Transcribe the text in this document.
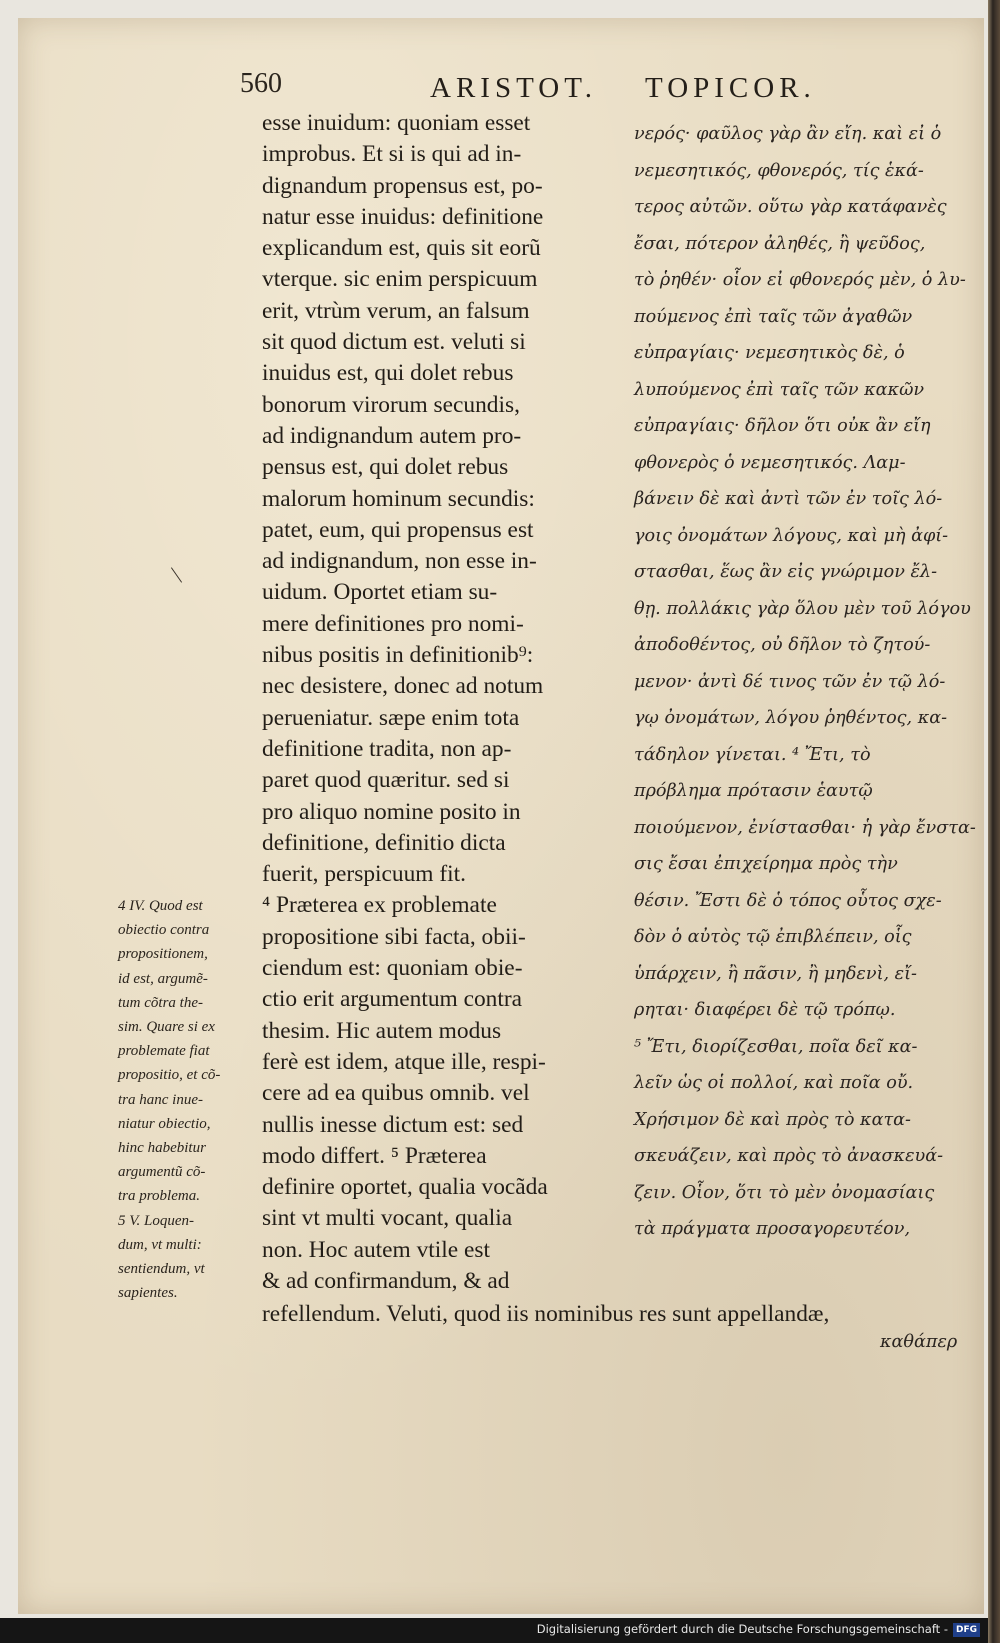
560	ARISTOT. TOPICOR.
esse inuidum: quoniam esset
improbus. Et si is qui ad in-
dignandum propensus est, po-
natur esse inuidus: definitione
explicandum est, quis sit eorũ
vterque. sic enim perspicuum
erit, vtrùm verum, an falsum
sit quod dictum est. veluti si
inuidus est, qui dolet rebus
bonorum virorum secundis,
ad indignandum autem pro-
pensus est, qui dolet rebus
malorum hominum secundis:
patet, eum, qui propensus est
ad indignandum, non esse in-
uidum. Oportet etiam su-
mere definitiones pro nomi-
nibus positis in definitionib⁹:
nec desistere, donec ad notum
perueniatur. sæpe enim tota
definitione tradita, non ap-
paret quod quæritur. sed si
pro aliquo nomine posito in
definitione, definitio dicta
fuerit, perspicuum fit.
⁴ Præterea ex problemate
propositione sibi facta, obii-
ciendum est: quoniam obie-
ctio erit argumentum contra
thesim. Hic autem modus
ferè est idem, atque ille, respi-
cere ad ea quibus omnib. vel
nullis inesse dictum est: sed
modo differt. ⁵ Præterea
definire oportet, qualia vocãda
sint vt multi vocant, qualia
non. Hoc autem vtile est
& ad confirmandum, & ad
νερός· φαῦλος γὰρ ἂν εἴη. καὶ εἰ ὁ
νεμεσητικός, φθονερός, τίς ἑκά-
τερος αὐτῶν. οὕτω γὰρ κατάφανὲς
ἔσαι, πότερον ἀληθές, ἢ ψεῦδος,
τὸ ῥηθέν· οἷον εἰ φθονερός μὲν, ὁ λυ-
πούμενος ἐπὶ ταῖς τῶν ἀγαθῶν
εὐπραγίαις· νεμεσητικὸς δὲ, ὁ
λυπούμενος ἐπὶ ταῖς τῶν κακῶν
εὐπραγίαις· δῆλον ὅτι οὐκ ἂν εἴη
φθονερὸς ὁ νεμεσητικός. Λαμ-
βάνειν δὲ καὶ ἀντὶ τῶν ἐν τοῖς λό-
γοις ὀνομάτων λόγους, καὶ μὴ ἀφί-
στασθαι, ἕως ἂν εἰς γνώριμον ἔλ-
θῃ. πολλάκις γὰρ ὅλου μὲν τοῦ λόγου
ἀποδοθέντος, οὐ δῆλον τὸ ζητού-
μενον· ἀντὶ δέ τινος τῶν ἐν τῷ λό-
γῳ ὀνομάτων, λόγου ῥηθέντος, κα-
τάδηλον γίνεται. ⁴ Ἔτι, τὸ
πρόβλημα πρότασιν ἑαυτῷ
ποιούμενον, ἐνίστασθαι· ἡ γὰρ ἔνστα-
σις ἔσαι ἐπιχείρημα πρὸς τὴν
θέσιν. Ἔστι δὲ ὁ τόπος οὗτος σχε-
δὸν ὁ αὐτὸς τῷ ἐπιβλέπειν, οἷς
ὑπάρχειν, ἢ πᾶσιν, ἢ μηδενὶ, εἴ-
ρηται· διαφέρει δὲ τῷ τρόπῳ.
⁵ Ἔτι, διορίζεσθαι, ποῖα δεῖ κα-
λεῖν ὡς οἱ πολλοί, καὶ ποῖα οὔ.
Χρήσιμον δὲ καὶ πρὸς τὸ κατα-
σκευάζειν, καὶ πρὸς τὸ ἀνασκευά-
ζειν. Οἷον, ὅτι τὸ μὲν ὀνομασίαις
τὰ πράγματα προσαγορευτέον,
refellendum. Veluti, quod iis nominibus res sunt appellandæ,
καθάπερ
4 IV. Quod est
obiectio contra
propositionem,
id est, argumẽ-
tum cõtra the-
sim. Quare si ex
problemate fiat
propositio, et cõ-
tra hanc inue-
niatur obiectio,
hinc habebitur
argumentũ cõ-
tra problema.
5 V. Loquen-
dum, vt multi:
sentiendum, vt
sapientes.
Digitalisierung gefördert durch die Deutsche Forschungsgemeinschaft - DFG
